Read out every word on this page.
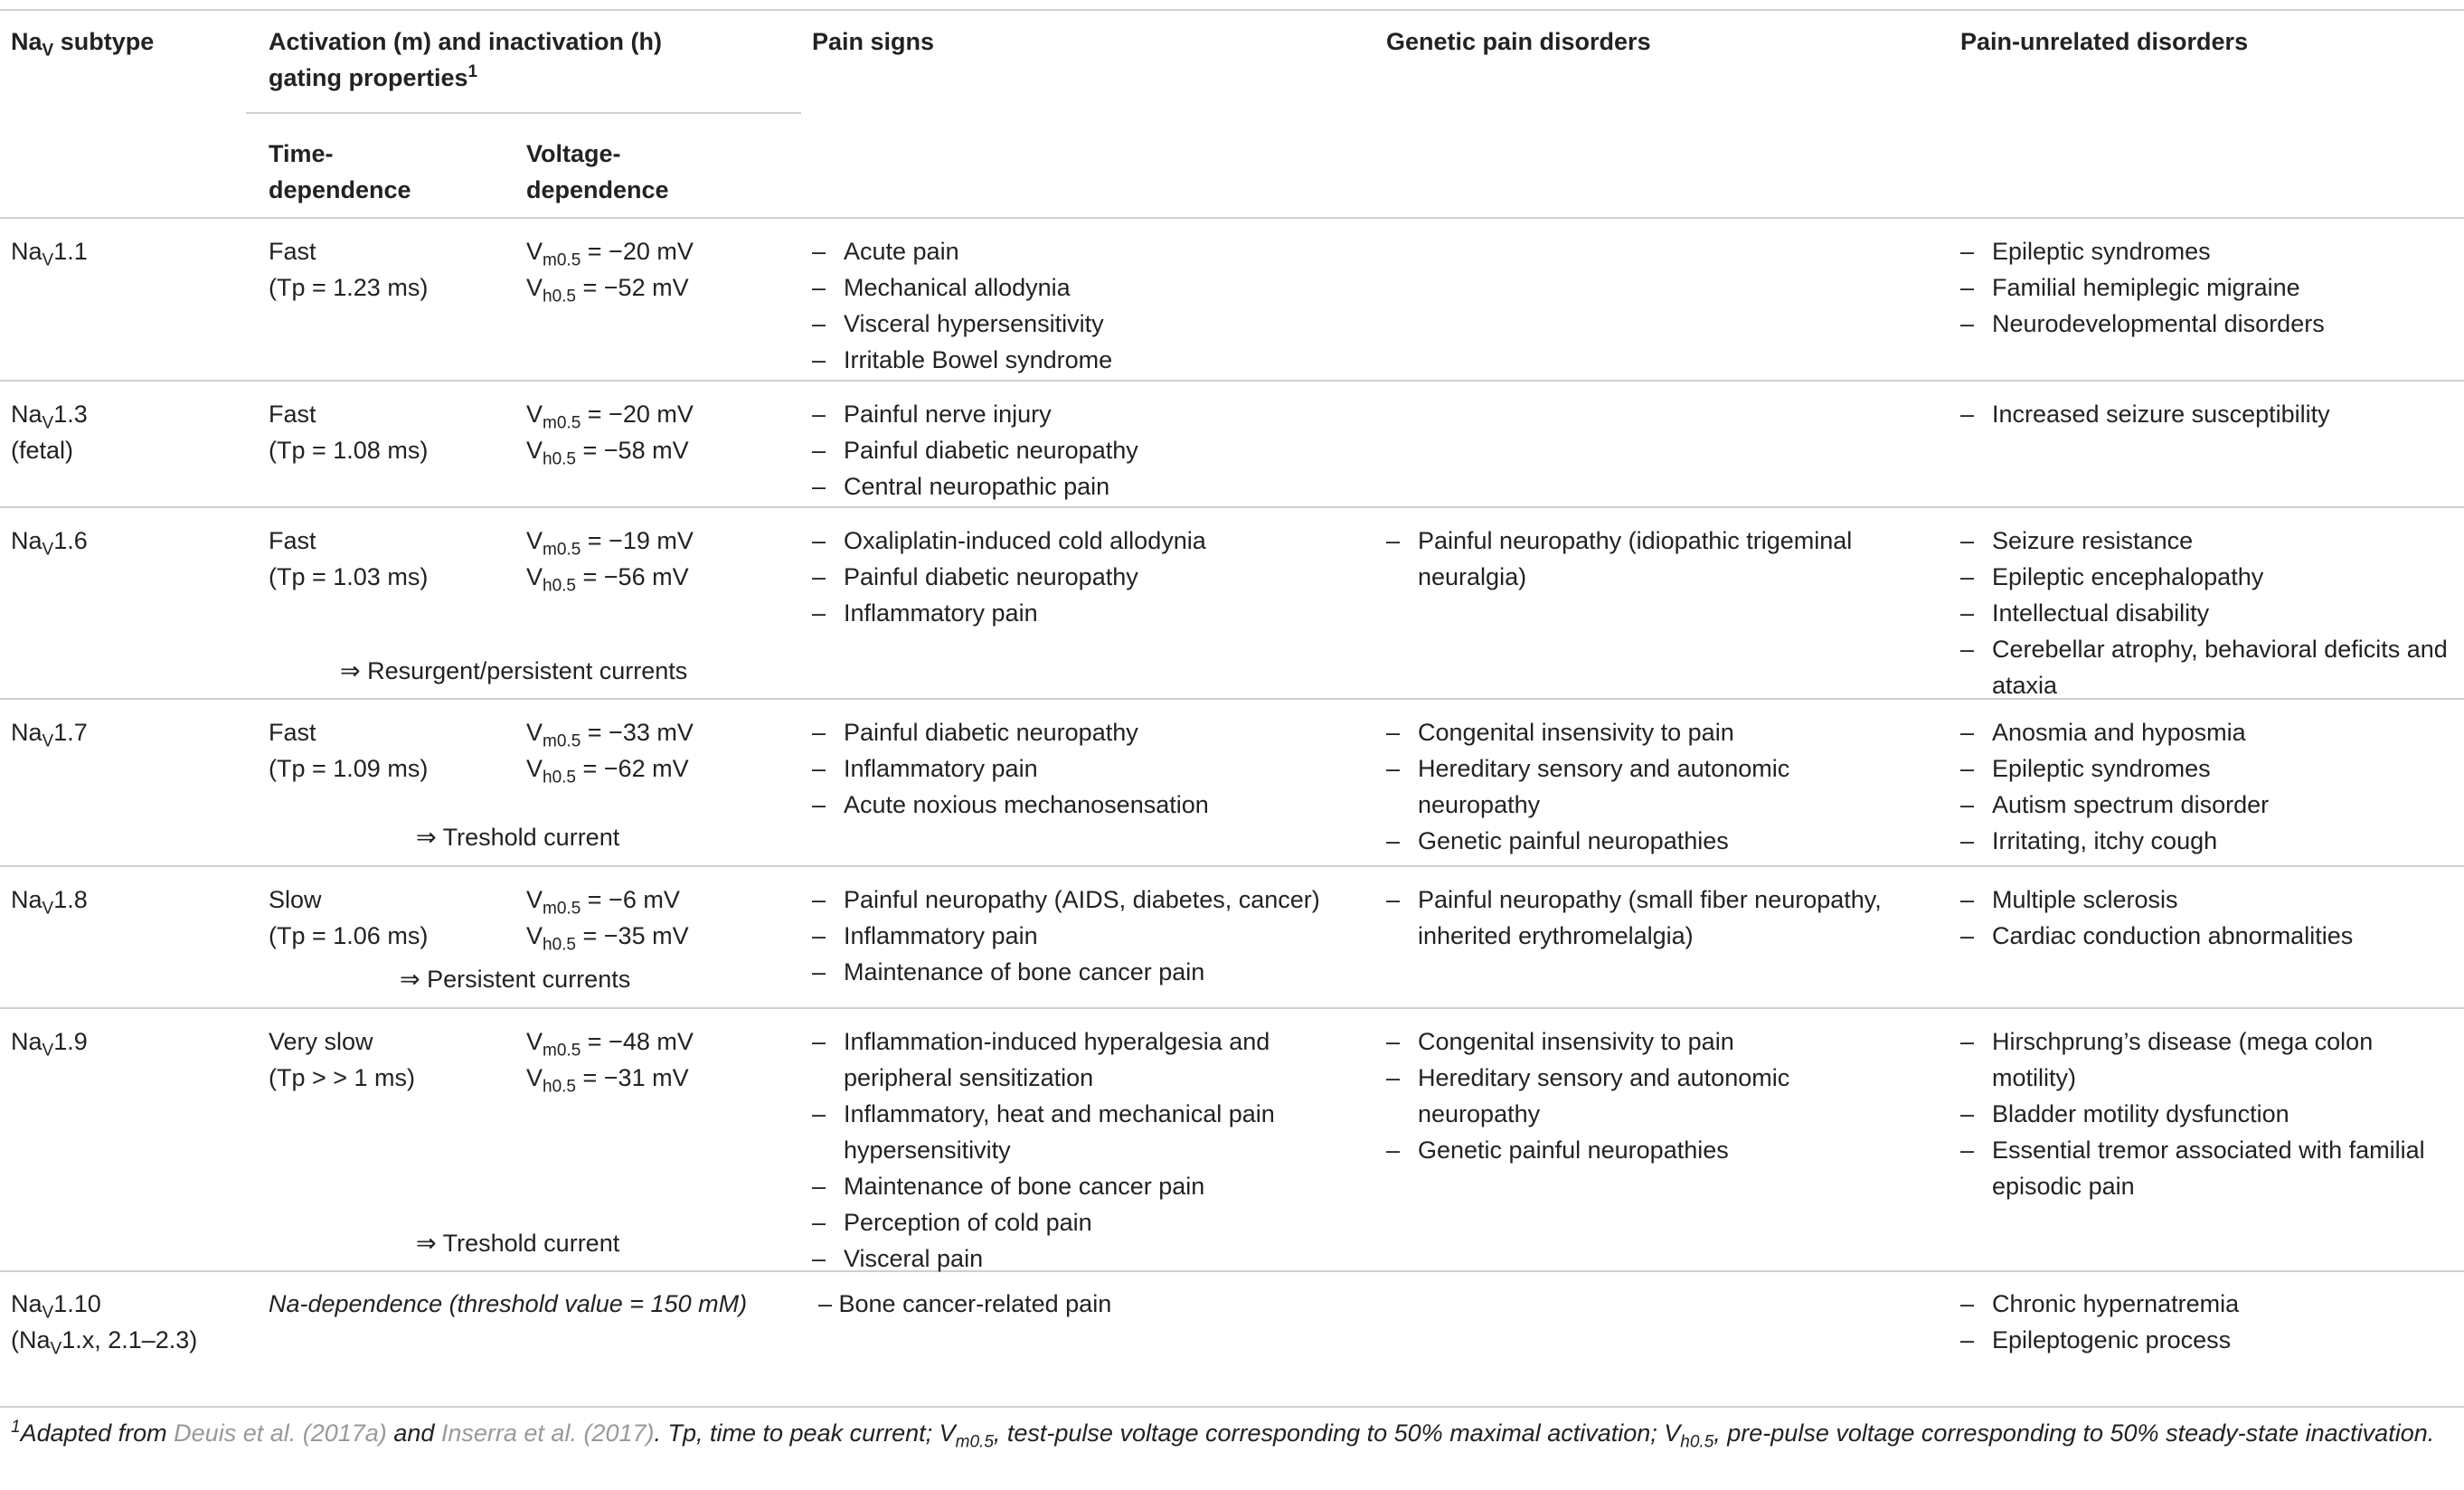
$Na_V$ subtype	Activation (m) and inactivation (h) gating properties$^1$
Time-dependence
Voltage-dependence
Pain signs	Genetic pain disorders	Pain-unrelated disorders
$Na_V1.1$	Fast
(Tp = 1.23 ms)
$V_{m0.5} = -20$ mV
$V_{h0.5} = -52$ mV
– Acute pain
– Mechanical allodynia
– Visceral hypersensitivity
– Irritable Bowel syndrome
– Epileptic syndromes
– Familial hemiplegic migraine
– Neurodevelopmental disorders
$Na_V1.3$
(fetal)
Fast
(Tp = 1.08 ms)
$V_{m0.5} = -20$ mV
$V_{h0.5} = -58$ mV
– Painful nerve injury
– Painful diabetic neuropathy
– Central neuropathic pain
– Increased seizure susceptibility
$Na_V1.6$	Fast
(Tp = 1.03 ms)
$V_{m0.5} = -19$ mV
$V_{h0.5} = -56$ mV
⇒ Resurgent/persistent currents
– Oxaliplatin-induced cold allodynia
– Painful diabetic neuropathy
– Inflammatory pain
– Painful neuropathy (idiopathic trigeminal neuralgia)
– Seizure resistance
– Epileptic encephalopathy
– Intellectual disability
– Cerebellar atrophy, behavioral deficits and ataxia
$Na_V1.7$	Fast
(Tp = 1.09 ms)
$V_{m0.5} = -33$ mV
$V_{h0.5} = -62$ mV
⇒ Treshold current
– Painful diabetic neuropathy
– Inflammatory pain
– Acute noxious mechanosensation
– Congenital insensivity to pain
– Hereditary sensory and autonomic neuropathy
– Genetic painful neuropathies
– Anosmia and hyposmia
– Epileptic syndromes
– Autism spectrum disorder
– Irritating, itchy cough
$Na_V1.8$	Slow
(Tp = 1.06 ms)
$V_{m0.5} = -6$ mV
$V_{h0.5} = -35$ mV
⇒ Persistent currents
– Painful neuropathy (AIDS, diabetes, cancer)
– Inflammatory pain
– Maintenance of bone cancer pain
– Painful neuropathy (small fiber neuropathy, inherited erythromelalgia)
– Multiple sclerosis
– Cardiac conduction abnormalities
$Na_V1.9$	Very slow
(Tp > > 1 ms)
$V_{m0.5} = -48$ mV
$V_{h0.5} = -31$ mV
⇒ Treshold current
– Inflammation-induced hyperalgesia and peripheral sensitization
– Inflammatory, heat and mechanical pain hypersensitivity
– Maintenance of bone cancer pain
– Perception of cold pain
– Visceral pain
– Congenital insensivity to pain
– Hereditary sensory and autonomic neuropathy
– Genetic painful neuropathies
– Hirschprung’s disease (mega colon motility)
– Bladder motility dysfunction
– Essential tremor associated with familial episodic pain
$Na_V1.10$
($Na_V1.x$, 2.1–2.3)
Na-dependence (threshold value = 150 mM)	– Bone cancer-related pain
–	Chronic hypernatremia
– Epileptogenic process
$^1$Adapted from Deuis et al. (2017a) and Inserra et al. (2017). Tp, time to peak current; $V_{m0.5}$, test-pulse voltage corresponding to 50% maximal activation; $V_{h0.5}$, pre-pulse voltage corresponding to 50% steady-state inactivation.
